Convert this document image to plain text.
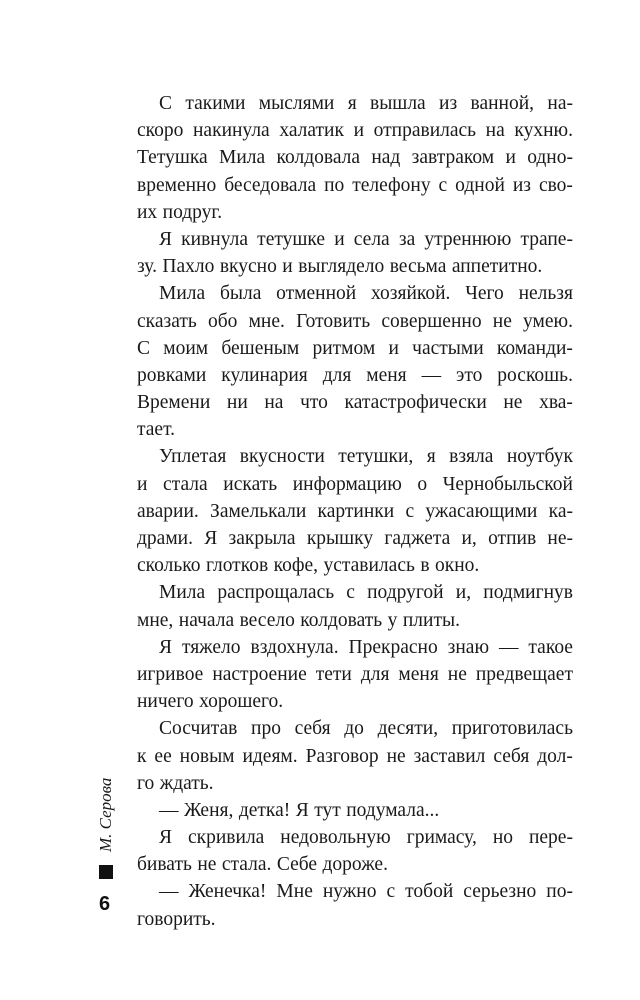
С такими мыслями я вышла из ванной, на-
скоро накинула халатик и отправилась на кухню.
Тетушка Мила колдовала над завтраком и одно-
временно беседовала по телефону с одной из сво-
их подруг.
Я кивнула тетушке и села за утреннюю трапе-
зу. Пахло вкусно и выглядело весьма аппетитно.
Мила была отменной хозяйкой. Чего нельзя
сказать обо мне. Готовить совершенно не умею.
С моим бешеным ритмом и частыми команди-
ровками кулинария для меня — это роскошь.
Времени ни на что катастрофически не хва-
тает.
Уплетая вкусности тетушки, я взяла ноутбук
и стала искать информацию о Чернобыльской
аварии. Замелькали картинки с ужасающими ка-
драми. Я закрыла крышку гаджета и, отпив не-
сколько глотков кофе, уставилась в окно.
Мила распрощалась с подругой и, подмигнув
мне, начала весело колдовать у плиты.
Я тяжело вздохнула. Прекрасно знаю — такое
игривое настроение тети для меня не предвещает
ничего хорошего.
Сосчитав про себя до десяти, приготовилась
к ее новым идеям. Разговор не заставил себя дол-
го ждать.
— Женя, детка! Я тут подумала...
Я скривила недовольную гримасу, но пере-
бивать не стала. Себе дороже.
— Женечка! Мне нужно с тобой серьезно по-
говорить.
М. Серова
6
